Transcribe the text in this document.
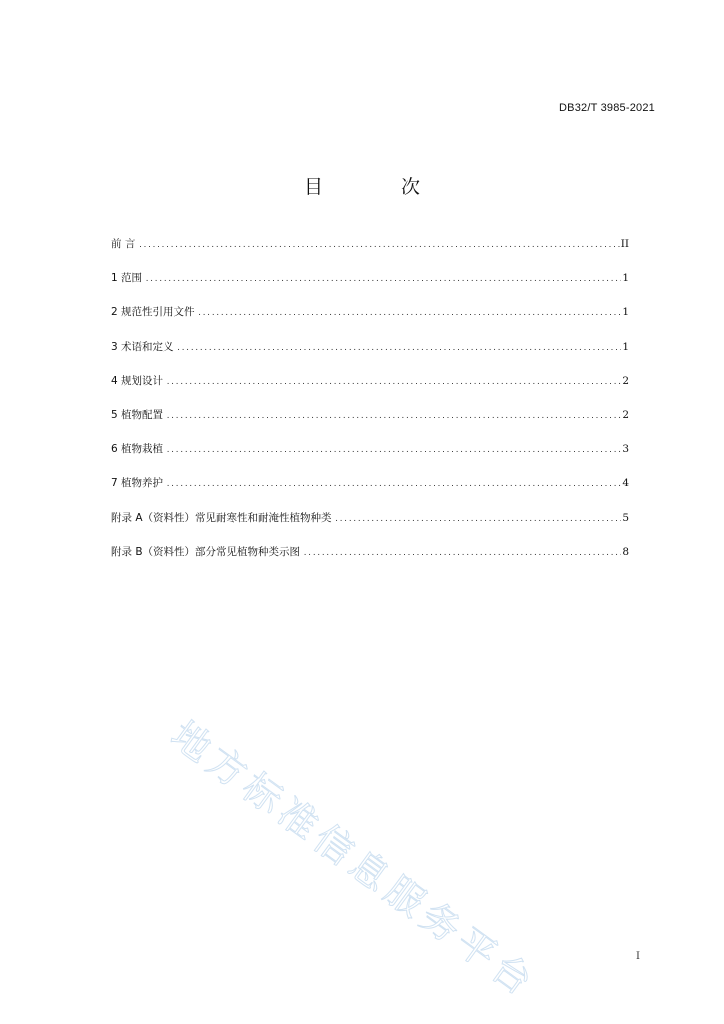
DB32/T 3985-2021
目 次
前 言 .....	II
1 范围 .....	1
2 规范性引用文件 .....	1
3 术语和定义 .....	1
4 规划设计 .....	2
5 植物配置 .....	2
6 植物栽植 .....	3
7 植物养护 .....	4
附录 A（资料性）常见耐寒性和耐淹性植物种类 .....	5
附录 B（资料性）部分常见植物种类示图 .....	8
地方标准信息服务平台	I
